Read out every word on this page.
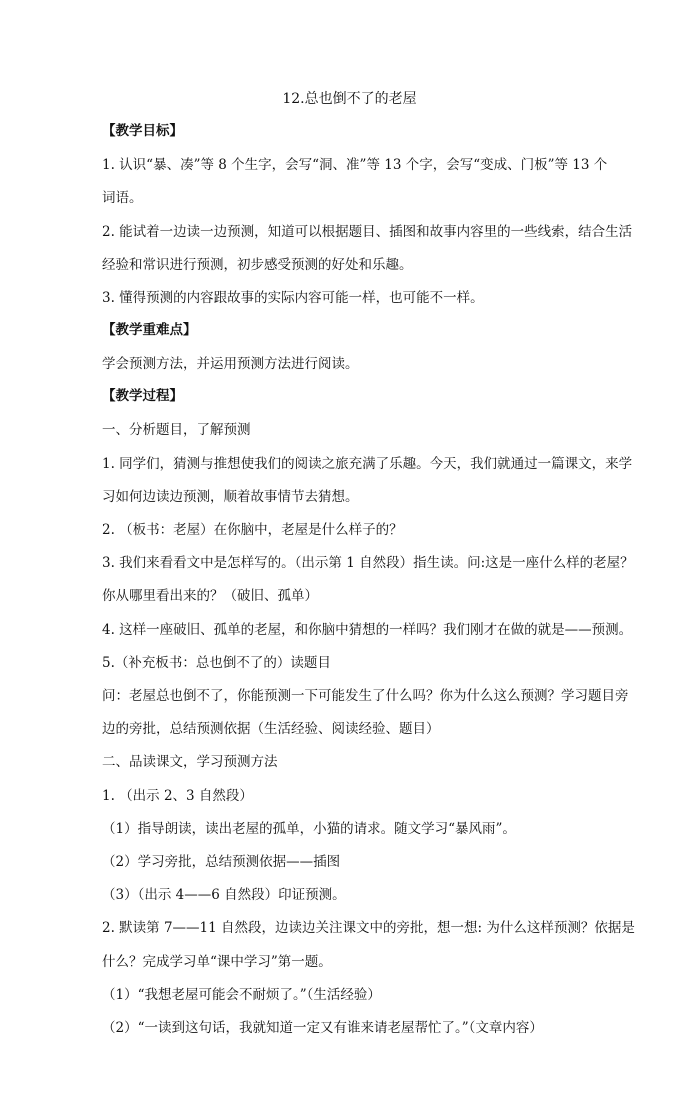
12.总也倒不了的老屋
【教学目标】
1. 认识“暴、凑”等 8 个生字，会写“洞、准”等 13 个字，会写“变成、门板”等 13 个
词语。
2. 能试着一边读一边预测，知道可以根据题目、插图和故事内容里的一些线索，结合生活
经验和常识进行预测，初步感受预测的好处和乐趣。
3. 懂得预测的内容跟故事的实际内容可能一样，也可能不一样。
【教学重难点】
学会预测方法，并运用预测方法进行阅读。
【教学过程】
一、分析题目，了解预测
1. 同学们，猜测与推想使我们的阅读之旅充满了乐趣。今天，我们就通过一篇课文，来学
习如何边读边预测，顺着故事情节去猜想。
2. （板书：老屋）在你脑中，老屋是什么样子的？
3. 我们来看看文中是怎样写的。（出示第 1 自然段）指生读。问:这是一座什么样的老屋？
你从哪里看出来的？（破旧、孤单）
4. 这样一座破旧、孤单的老屋，和你脑中猜想的一样吗？我们刚才在做的就是——预测。
5.（补充板书：总也倒不了的）读题目
问：老屋总也倒不了，你能预测一下可能发生了什么吗？你为什么这么预测？学习题目旁
边的旁批，总结预测依据（生活经验、阅读经验、题目）
二、品读课文，学习预测方法
1. （出示 2、3 自然段）
（1）指导朗读，读出老屋的孤单，小猫的请求。随文学习“暴风雨”。
（2）学习旁批，总结预测依据——插图
（3）（出示 4——6 自然段）印证预测。
2. 默读第 7——11 自然段，边读边关注课文中的旁批，想一想: 为什么这样预测？依据是
什么？完成学习单“课中学习”第一题。
（1）“我想老屋可能会不耐烦了。”（生活经验）
（2）“一读到这句话，我就知道一定又有谁来请老屋帮忙了。”（文章内容）
